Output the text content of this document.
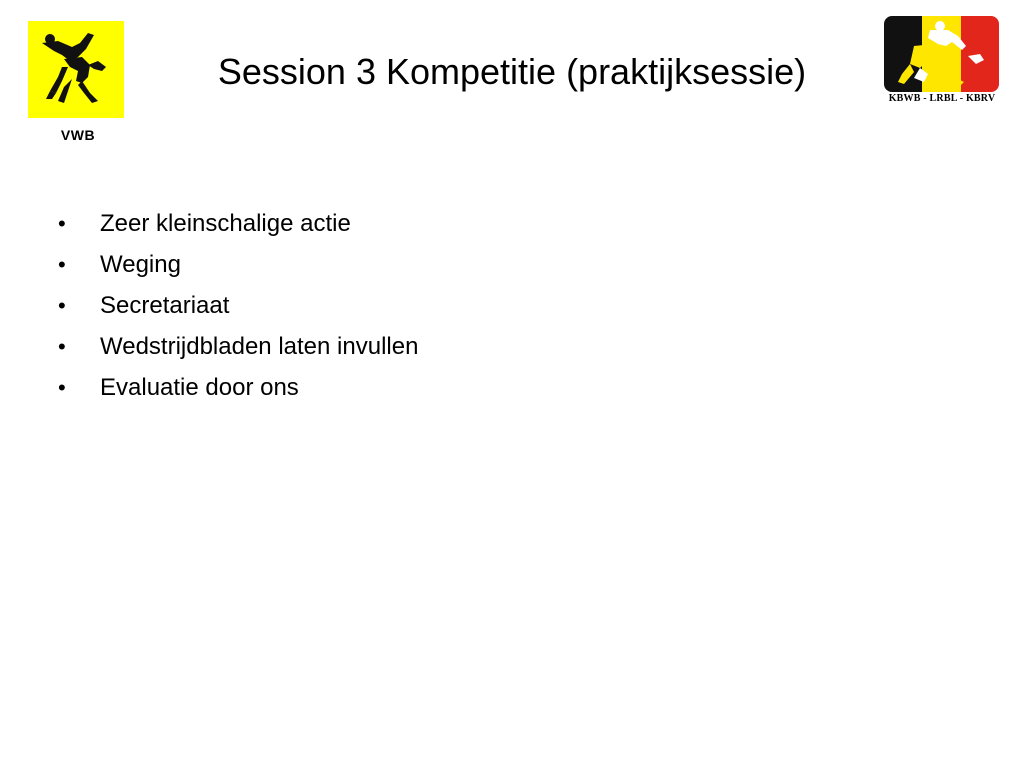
VWB
Session 3 Kompetitie (praktijksessie)
KBWB - LRBL - KBRV
•	Zeer kleinschalige actie
•	Weging
•	Secretariaat
•	Wedstrijdbladen laten invullen
•	Evaluatie door ons
